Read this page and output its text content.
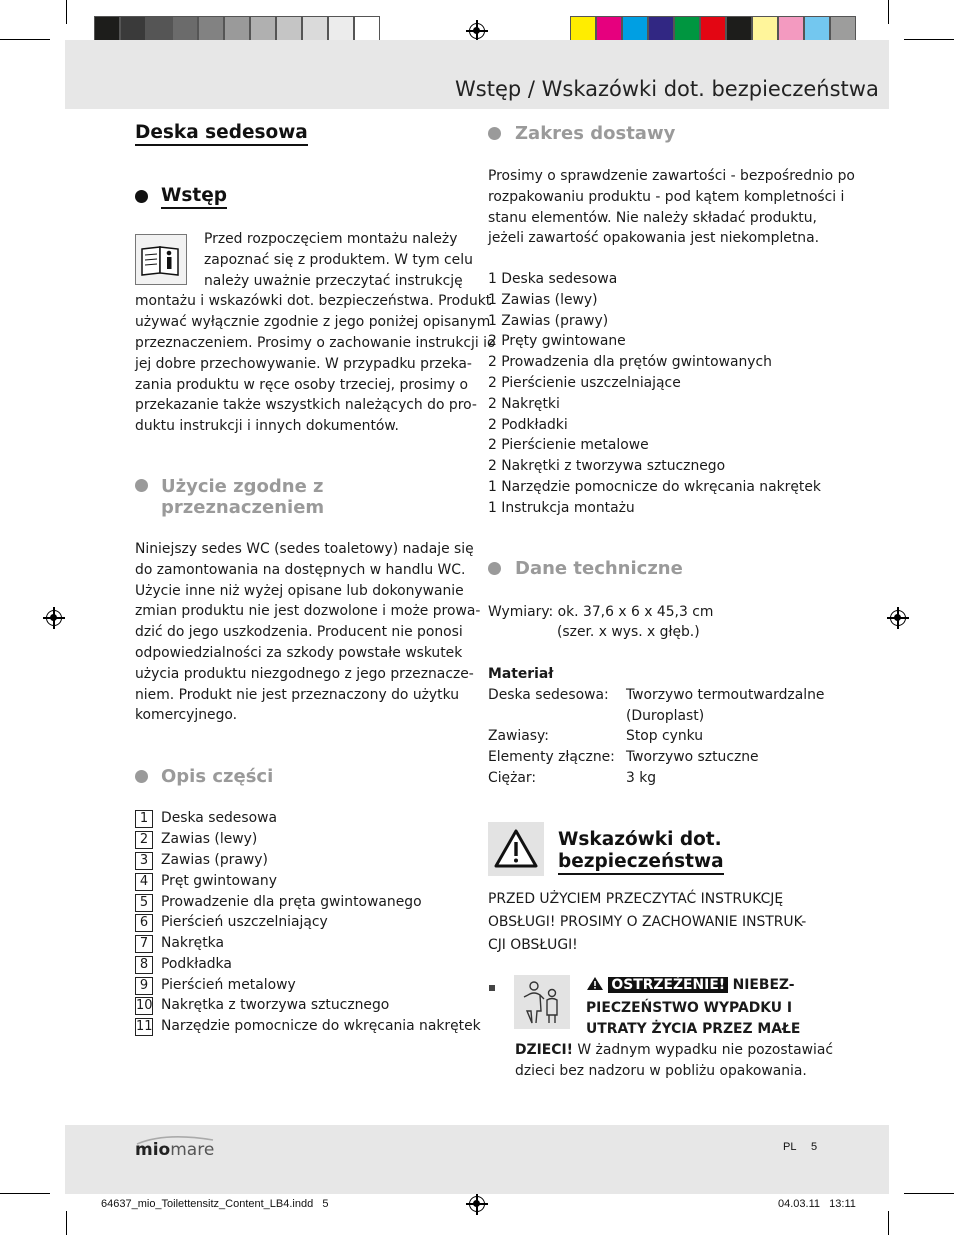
Wstęp / Wskazówki dot. bezpieczeństwa
Deska sedesowa
Wstęp
Przed rozpoczęciem montażu należy
zapoznać się z produktem. W tym celu
należy uważnie przeczytać instrukcję
montażu i wskazówki dot. bezpieczeństwa. Produkt
używać wyłącznie zgodnie z jego poniżej opisanym
przeznaczeniem. Prosimy o zachowanie instrukcji io
jej dobre przechowywanie. W przypadku przeka-
zania produktu w ręce osoby trzeciej, prosimy o
przekazanie także wszystkich należących do pro-
duktu instrukcji i innych dokumentów.
Użycie zgodne z
przeznaczeniem
Niniejszy sedes WC (sedes toaletowy) nadaje się
do zamontowania na dostępnych w handlu WC.
Użycie inne niż wyżej opisane lub dokonywanie
zmian produktu nie jest dozwolone i może prowa-
dzić do jego uszkodzenia. Producent nie ponosi
odpowiedzialności za szkody powstałe wskutek
użycia produktu niezgodnego z jego przeznacze-
niem. Produkt nie jest przeznaczony do użytku
komercyjnego.
Opis części
1 Deska sedesowa
2 Zawias (lewy)
3 Zawias (prawy)
4 Pręt gwintowany
5 Prowadzenie dla pręta gwintowanego
6 Pierścień uszczelniający
7 Nakrętka
8 Podkładka
9 Pierścień metalowy
10 Nakrętka z tworzywa sztucznego
11 Narzędzie pomocnicze do wkręcania nakrętek
Zakres dostawy
Prosimy o sprawdzenie zawartości - bezpośrednio po
rozpakowaniu produktu - pod kątem kompletności i
stanu elementów. Nie należy składać produktu,
jeżeli zawartość opakowania jest niekompletna.
1 Deska sedesowa
1 Zawias (lewy)
1 Zawias (prawy)
2 Pręty gwintowane
2 Prowadzenia dla prętów gwintowanych
2 Pierścienie uszczelniające
2 Nakrętki
2 Podkładki
2 Pierścienie metalowe
2 Nakrętki z tworzywa sztucznego
1 Narzędzie pomocnicze do wkręcania nakrętek
1 Instrukcja montażu
Dane techniczne
Wymiary: ok. 37,6 x 6 x 45,3 cm
(szer. x wys. x głęb.)
Materiał
Deska sedesowa: Tworzywo termoutwardzalne
(Duroplast)
Zawiasy:	Stop cynku
Elementy złączne: Tworzywo sztuczne
Ciężar:	3 kg
Wskazówki dot.
bezpieczeństwa
PRZED UŻYCIEM PRZECZYTAĆ INSTRUKCJĘ
OBSŁUGI! PROSIMY O ZACHOWANIE INSTRUK-
CJI OBSŁUGI!
OSTRZEŻENIE! NIEBEZ-
PIECZEŃSTWO WYPADKU I
UTRATY ŻYCIA PRZEZ MAŁE
DZIECI! W żadnym wypadku nie pozostawiać
dzieci bez nadzoru w pobliżu opakowania.
miomare	PL 5
64637_mio_Toilettensitz_Content_LB4.indd   5	04.03.11   13:11
